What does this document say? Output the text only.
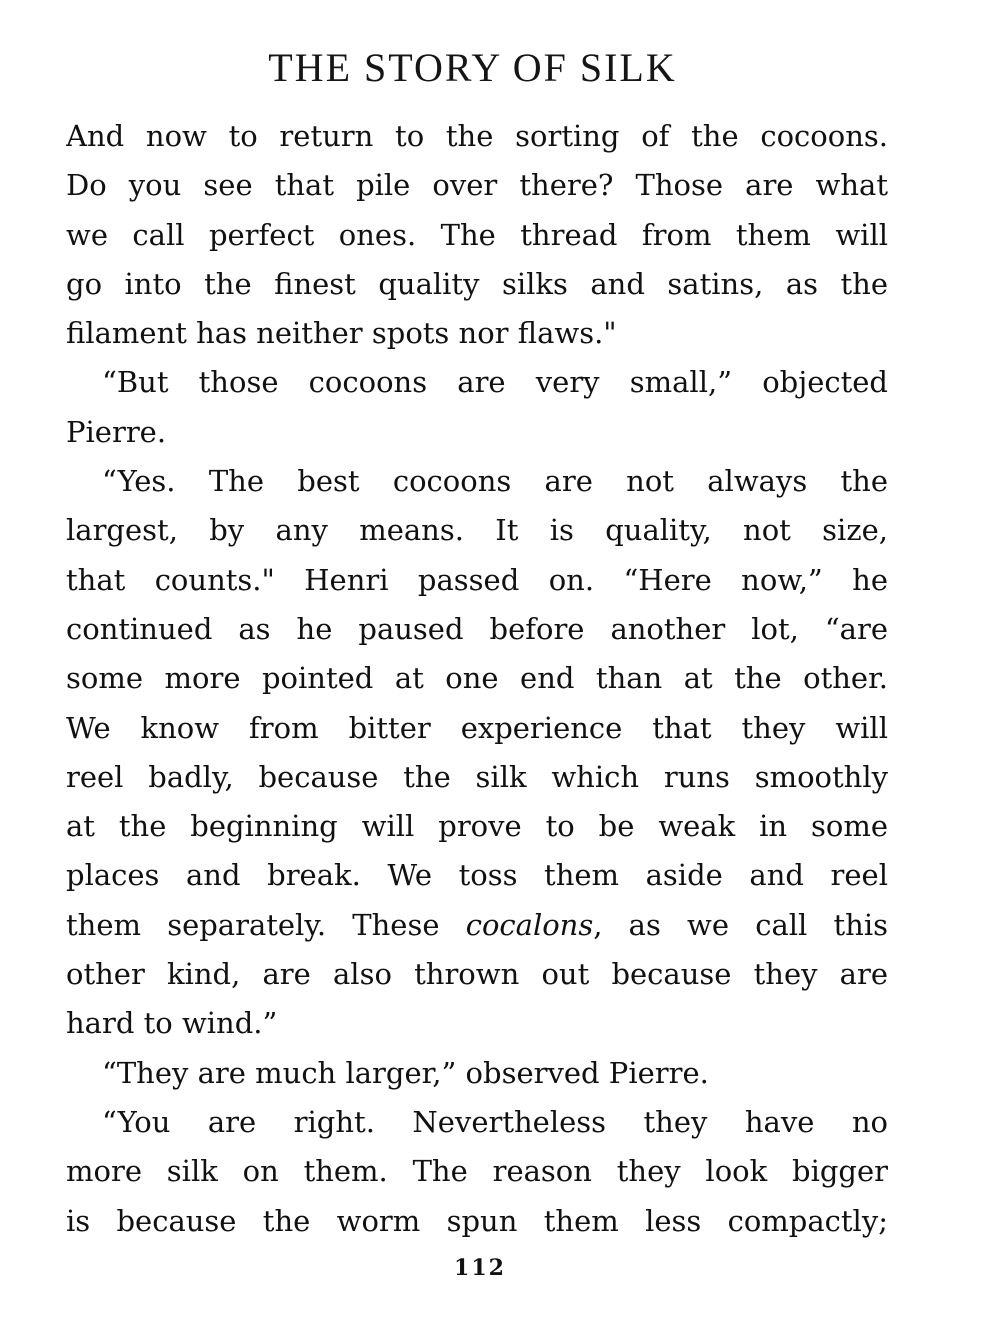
THE STORY OF SILK
And now to return to the sorting of the cocoons.
Do you see that pile over there? Those are what
we call perfect ones. The thread from them will
go into the finest quality silks and satins, as the
filament has neither spots nor flaws."
“But those cocoons are very small,” objected
Pierre.
“Yes. The best cocoons are not always the
largest, by any means. It is quality, not size,
that counts." Henri passed on. “Here now,” he
continued as he paused before another lot, “are
some more pointed at one end than at the other.
We know from bitter experience that they will
reel badly, because the silk which runs smoothly
at the beginning will prove to be weak in some
places and break. We toss them aside and reel
them separately. These cocalons, as we call this
other kind, are also thrown out because they are
hard to wind.”
“They are much larger,” observed Pierre.
“You are right. Nevertheless they have no
more silk on them. The reason they look bigger
is because the worm spun them less compactly;
112
